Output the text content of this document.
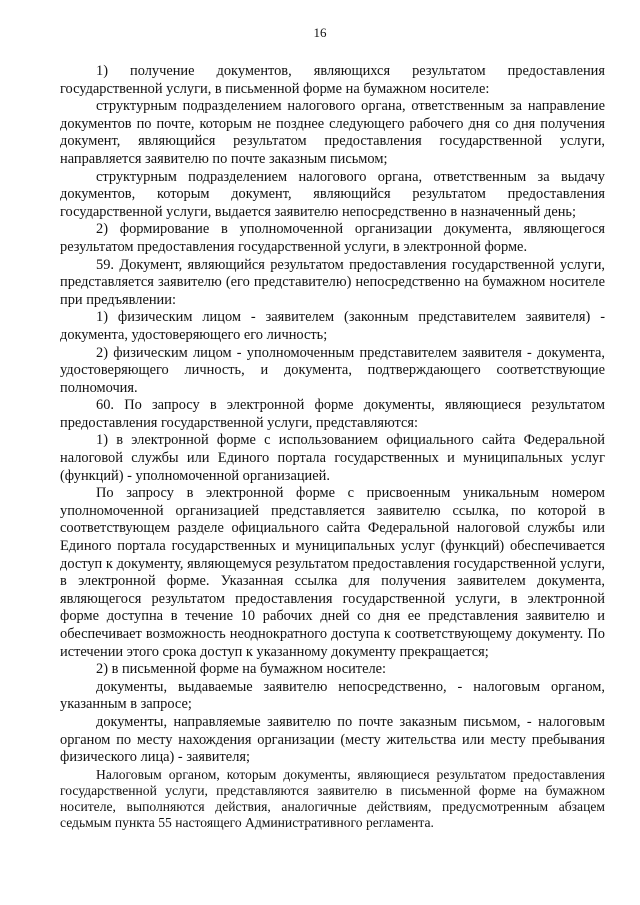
16

1) получение документов, являющихся результатом предоставления государственной услуги, в письменной форме на бумажном носителе:

структурным подразделением налогового органа, ответственным за направление документов по почте, которым не позднее следующего рабочего дня со дня получения документ, являющийся результатом предоставления государственной услуги, направляется заявителю по почте заказным письмом;

структурным подразделением налогового органа, ответственным за выдачу документов, которым документ, являющийся результатом предоставления государственной услуги, выдается заявителю непосредственно в назначенный день;

2) формирование в уполномоченной организации документа, являющегося результатом предоставления государственной услуги, в электронной форме.

59. Документ, являющийся результатом предоставления государственной услуги, представляется заявителю (его представителю) непосредственно на бумажном носителе при предъявлении:

1) физическим лицом - заявителем (законным представителем заявителя) - документа, удостоверяющего его личность;

2) физическим лицом - уполномоченным представителем заявителя - документа, удостоверяющего личность, и документа, подтверждающего соответствующие полномочия.

60. По запросу в электронной форме документы, являющиеся результатом предоставления государственной услуги, представляются:

1) в электронной форме с использованием официального сайта Федеральной налоговой службы или Единого портала государственных и муниципальных услуг (функций) - уполномоченной организацией.

По запросу в электронной форме с присвоенным уникальным номером уполномоченной организацией представляется заявителю ссылка, по которой в соответствующем разделе официального сайта Федеральной налоговой службы или Единого портала государственных и муниципальных услуг (функций) обеспечивается доступ к документу, являющемуся результатом предоставления государственной услуги, в электронной форме. Указанная ссылка для получения заявителем документа, являющегося результатом предоставления государственной услуги, в электронной форме доступна в течение 10 рабочих дней со дня ее представления заявителю и обеспечивает возможность неоднократного доступа к соответствующему документу. По истечении этого срока доступ к указанному документу прекращается;

2) в письменной форме на бумажном носителе:

документы, выдаваемые заявителю непосредственно, - налоговым органом, указанным в запросе;

документы, направляемые заявителю по почте заказным письмом, - налоговым органом по месту нахождения организации (месту жительства или месту пребывания физического лица) - заявителя;

Налоговым органом, которым документы, являющиеся результатом предоставления государственной услуги, представляются заявителю в письменной форме на бумажном носителе, выполняются действия, аналогичные действиям, предусмотренным абзацем седьмым пункта 55 настоящего Административного регламента.
